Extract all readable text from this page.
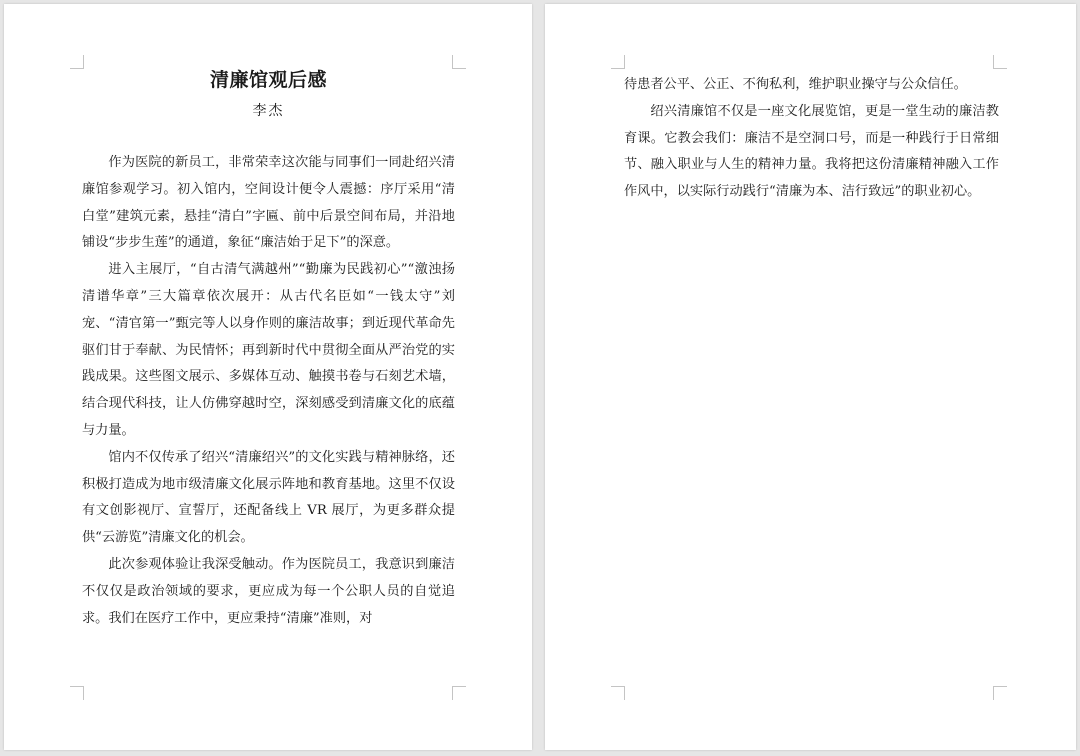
清廉馆观后感
李杰

作为医院的新员工，非常荣幸这次能与同事们一同赴绍兴清廉馆参观学习。初入馆内，空间设计便令人震撼：序厅采用“清白堂”建筑元素，悬挂“清白”字匾、前中后景空间布局，并沿地铺设“步步生莲”的通道，象征“廉洁始于足下”的深意。

进入主展厅，“自古清气满越州”“勤廉为民践初心”“激浊扬清谱华章”三大篇章依次展开：从古代名臣如“一钱太守”刘宠、“清官第一”甄完等人以身作则的廉洁故事；到近现代革命先驱们甘于奉献、为民情怀；再到新时代中贯彻全面从严治党的实践成果。这些图文展示、多媒体互动、触摸书卷与石刻艺术墙，结合现代科技，让人仿佛穿越时空，深刻感受到清廉文化的底蕴与力量。

馆内不仅传承了绍兴“清廉绍兴”的文化实践与精神脉络，还积极打造成为地市级清廉文化展示阵地和教育基地。这里不仅设有文创影视厅、宣誓厅，还配备线上 VR 展厅，为更多群众提供“云游览”清廉文化的机会。

此次参观体验让我深受触动。作为医院员工，我意识到廉洁不仅仅是政治领域的要求，更应成为每一个公职人员的自觉追求。我们在医疗工作中，更应秉持“清廉”准则，对

待患者公平、公正、不徇私利，维护职业操守与公众信任。

绍兴清廉馆不仅是一座文化展览馆，更是一堂生动的廉洁教育课。它教会我们：廉洁不是空洞口号，而是一种践行于日常细节、融入职业与人生的精神力量。我将把这份清廉精神融入工作作风中，以实际行动践行“清廉为本、洁行致远”的职业初心。
